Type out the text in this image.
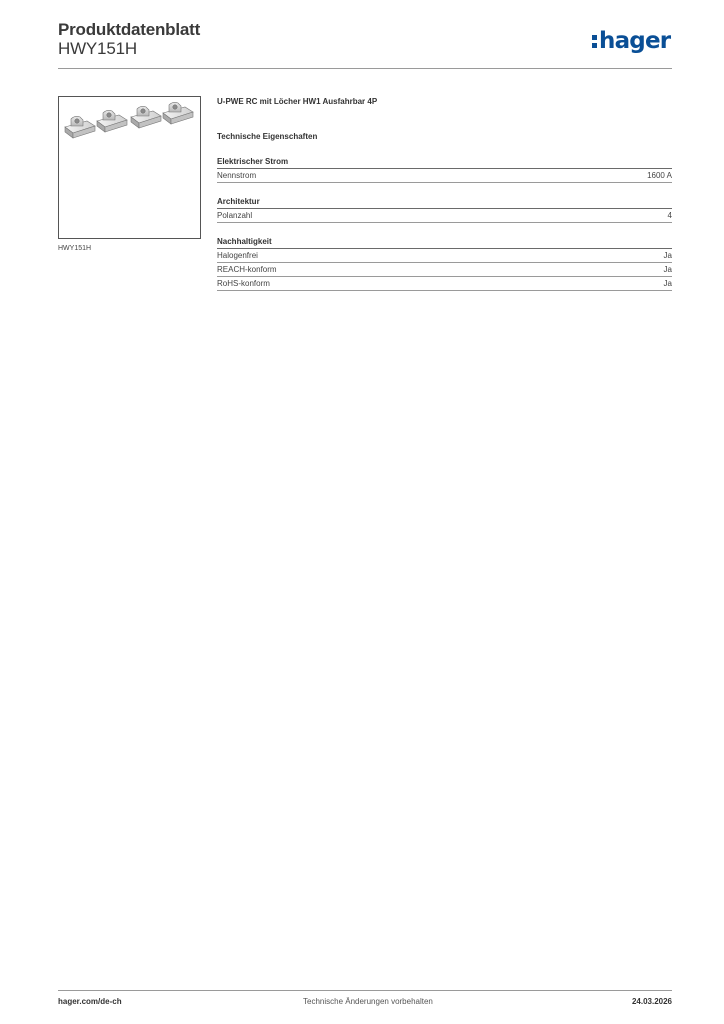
Produktdatenblatt
HWY151H	hager
HWY151H
U-PWE RC mit Löcher HW1 Ausfahrbar 4P
Technische Eigenschaften
Elektrischer Strom
Nennstrom	1600 A
Architektur
Polanzahl	4
Nachhaltigkeit
Halogenfrei	Ja
REACH-konform	Ja
RoHS-konform	Ja
hager.com/de-ch	Technische Änderungen vorbehalten	24.03.2026
